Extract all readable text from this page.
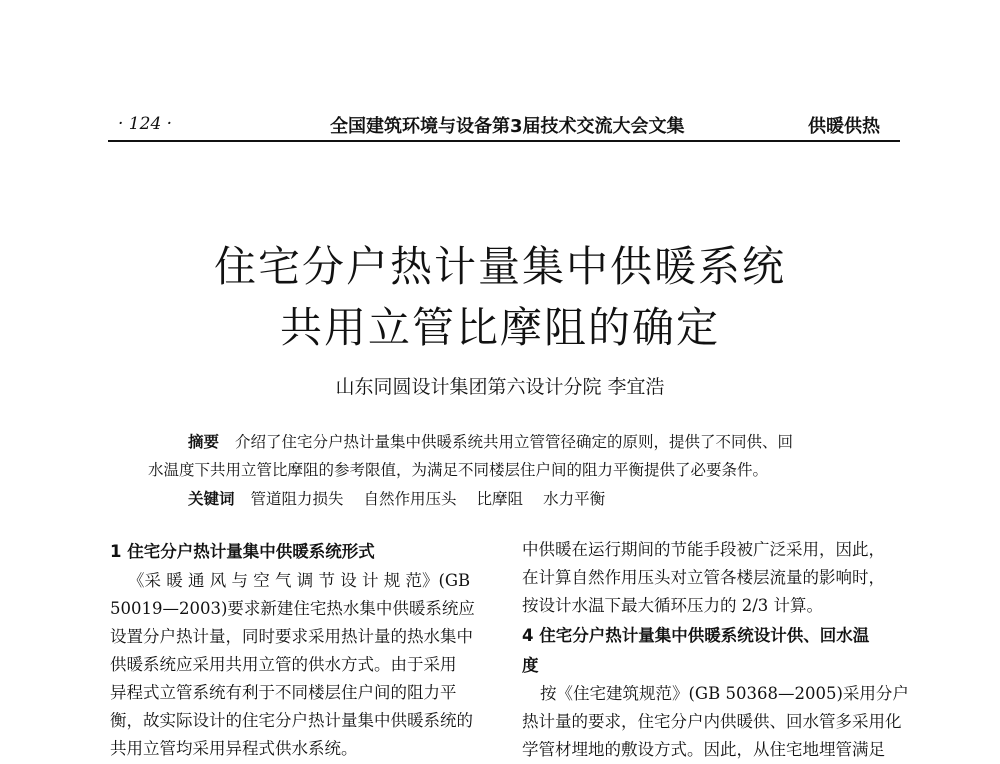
· 124 ·	全国建筑环境与设备第3届技术交流大会文集	供暖供热
住宅分户热计量集中供暖系统
共用立管比摩阻的确定
山东同圆设计集团第六设计分院 李宜浩
摘要 介绍了住宅分户热计量集中供暖系统共用立管管径确定的原则，提供了不同供、回
水温度下共用立管比摩阻的参考限值，为满足不同楼层住户间的阻力平衡提供了必要条件。
关键词 管道阻力损失 自然作用压头 比摩阻 水力平衡
1 住宅分户热计量集中供暖系统形式
《采 暖 通 风 与 空 气 调 节 设 计 规 范》(GB
50019—2003)要求新建住宅热水集中供暖系统应
设置分户热计量，同时要求采用热计量的热水集中
供暖系统应采用共用立管的供水方式。由于采用
异程式立管系统有利于不同楼层住户间的阻力平
衡，故实际设计的住宅分户热计量集中供暖系统的
共用立管均采用异程式供水系统。
中供暖在运行期间的节能手段被广泛采用，因此，
在计算自然作用压头对立管各楼层流量的影响时，
按设计水温下最大循环压力的 2/3 计算。
4 住宅分户热计量集中供暖系统设计供、回水温
度
按《住宅建筑规范》(GB 50368—2005)采用分户
热计量的要求，住宅分户内供暖供、回水管多采用化
学管材埋地的敷设方式。因此，从住宅地埋管满足
